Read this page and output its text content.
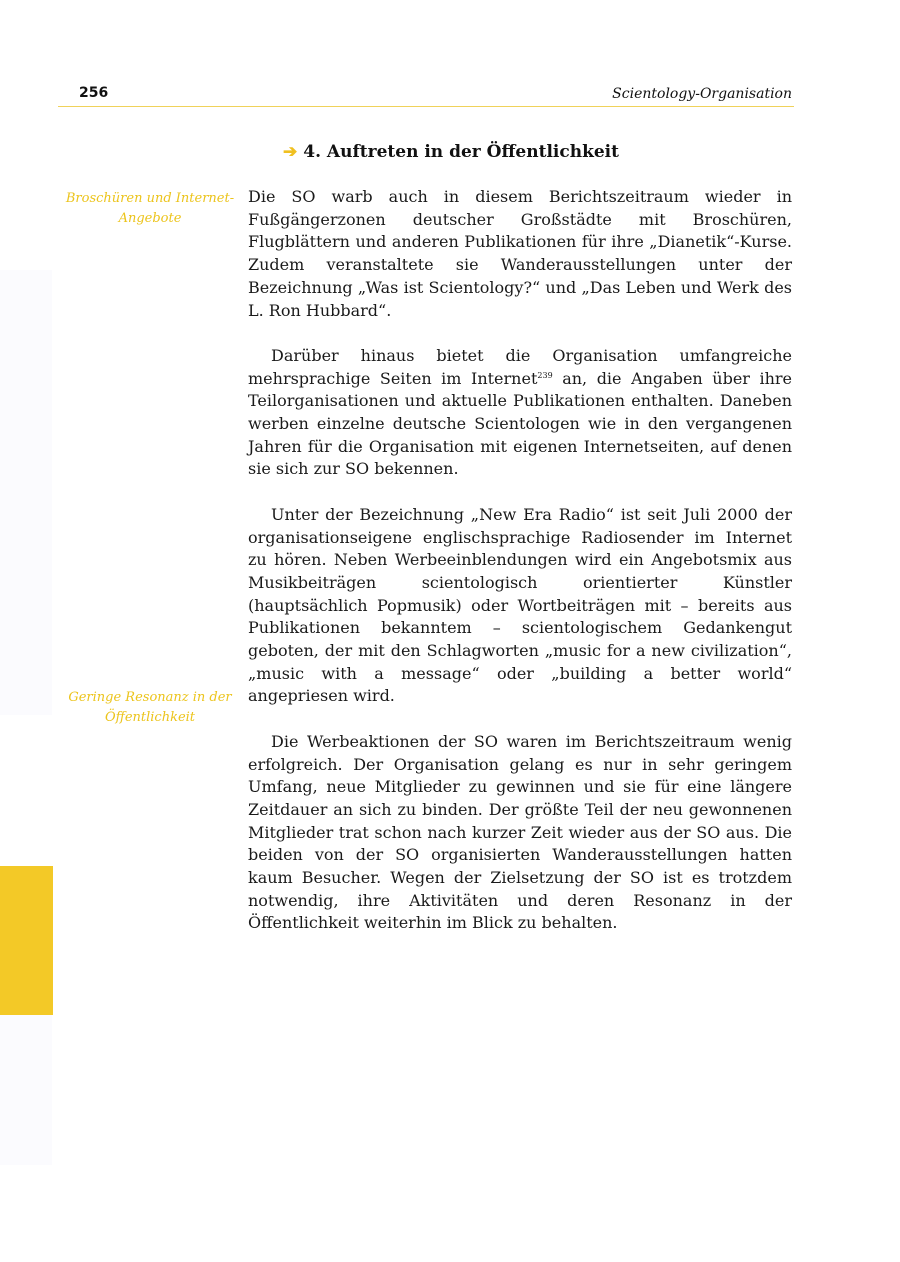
256	Scientology-Organisation
➔ 4. Auftreten in der Öffentlichkeit
Broschüren und Internet-Angebote
Geringe Resonanz in der Öffentlichkeit

Die SO warb auch in diesem Berichtszeitraum wieder in Fußgängerzonen deutscher Großstädte mit Broschüren, Flugblättern und anderen Publikationen für ihre „Dianetik“-Kurse. Zudem veranstaltete sie Wanderausstellungen unter der Bezeichnung „Was ist Scientology?“ und „Das Leben und Werk des L. Ron Hubbard“.

Darüber hinaus bietet die Organisation umfangreiche mehrsprachige Seiten im Internet$^{239}$ an, die Angaben über ihre Teilorganisationen und aktuelle Publikationen enthalten. Daneben werben einzelne deutsche Scientologen wie in den vergangenen Jahren für die Organisation mit eigenen Internetseiten, auf denen sie sich zur SO bekennen.

Unter der Bezeichnung „New Era Radio“ ist seit Juli 2000 der organisationseigene englischsprachige Radiosender im Internet zu hören. Neben Werbeeinblendungen wird ein Angebotsmix aus Musikbeiträgen scientologisch orientierter Künstler (hauptsächlich Popmusik) oder Wortbeiträgen mit – bereits aus Publikationen bekanntem – scientologischem Gedankengut geboten, der mit den Schlagworten „music for a new civilization“, „music with a message“ oder „building a better world“ angepriesen wird.

Die Werbeaktionen der SO waren im Berichtszeitraum wenig erfolgreich. Der Organisation gelang es nur in sehr geringem Umfang, neue Mitglieder zu gewinnen und sie für eine längere Zeitdauer an sich zu binden. Der größte Teil der neu gewonnenen Mitglieder trat schon nach kurzer Zeit wieder aus der SO aus. Die beiden von der SO organisierten Wanderausstellungen hatten kaum Besucher. Wegen der Zielsetzung der SO ist es trotzdem notwendig, ihre Aktivitäten und deren Resonanz in der Öffentlichkeit weiterhin im Blick zu behalten.
